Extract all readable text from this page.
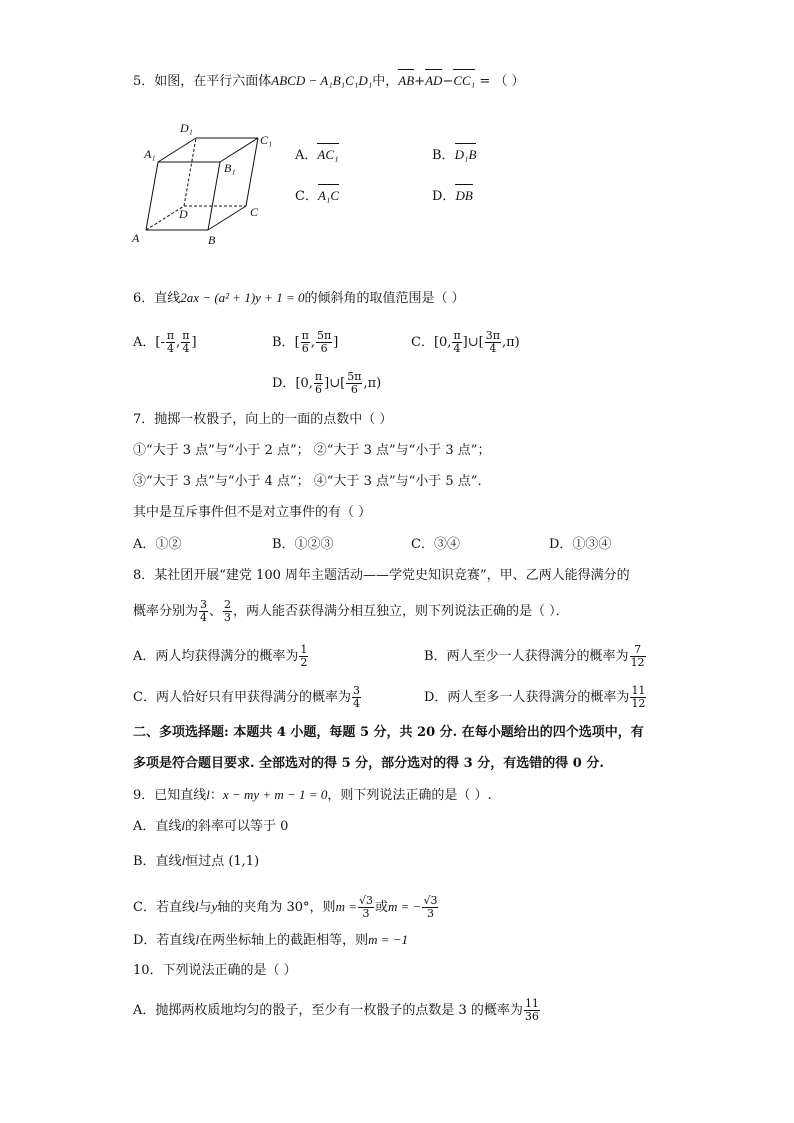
5．如图，在平行六面体ABCD − A₁B₁C₁D₁中，AB+AD−CC₁ = （ ）
A	B
C
D
A₁
B₁
C₁
D₁
A．AC₁	B．D₁B
C．A₁C	D．DB
6．直线2ax − (a² + 1)y + 1 = 0的倾斜角的取值范围是（ ）
A．[- $\frac{\pi}{4}$ , $\frac{\pi}{4}$ ]	B．[ $\frac{\pi}{6}$ , $\frac{5\pi}{6}$ ]	C．[0, $\frac{\pi}{4}$ ]∪[ $\frac{3\pi}{4} ,\pi$)
D．[0, $\frac{\pi}{6}$ ]∪[ $\frac{5\pi}{6} ,\pi$)
7．抛掷一枚骰子，向上的一面的点数中（ ）
①“大于 3 点”与“小于 2 点”； ②“大于 3 点”与“小于 3 点”；
③“大于 3 点”与“小于 4 点”； ④“大于 3 点”与“小于 5 点”．
其中是互斥事件但不是对立事件的有（ ）
A．①②	B．①②③	C．③④	D．①③④
8．某社团开展“建党 100 周年主题活动——学党史知识竞赛”，甲、乙两人能得满分的
概率分别为 $\frac{3}{4}$ 、 $\frac{2}{3}$ ，两人能否获得满分相互独立，则下列说法正确的是（ ）．
A．两人均获得满分的概率为 $\frac{1}{2}$	B．两人至少一人获得满分的概率为 $\frac{7}{12}$
C．两人恰好只有甲获得满分的概率为 $\frac{3}{4}$	D．两人至多一人获得满分的概率为 $\frac{11}{12}$
二、多项选择题: 本题共 4 小题，每题 5 分，共 20 分. 在每小题给出的四个选项中，有
多项是符合题目要求. 全部选对的得 5 分，部分选对的得 3 分，有选错的得 0 分.
9．已知直线l：x − my + m − 1 = 0，则下列说法正确的是（ ）.
A．直线l的斜率可以等于 0
B．直线l恒过点 (1,1)
C．若直线l与y轴的夹角为 30°，则$m = \frac{√3}{3}$ 或m = − $\frac{√3}{3}$
D．若直线l在两坐标轴上的截距相等，则m = −1
10．下列说法正确的是（ ）
A．抛掷两枚质地均匀的骰子，至少有一枚骰子的点数是 3 的概率为 $\frac{11}{36}$
